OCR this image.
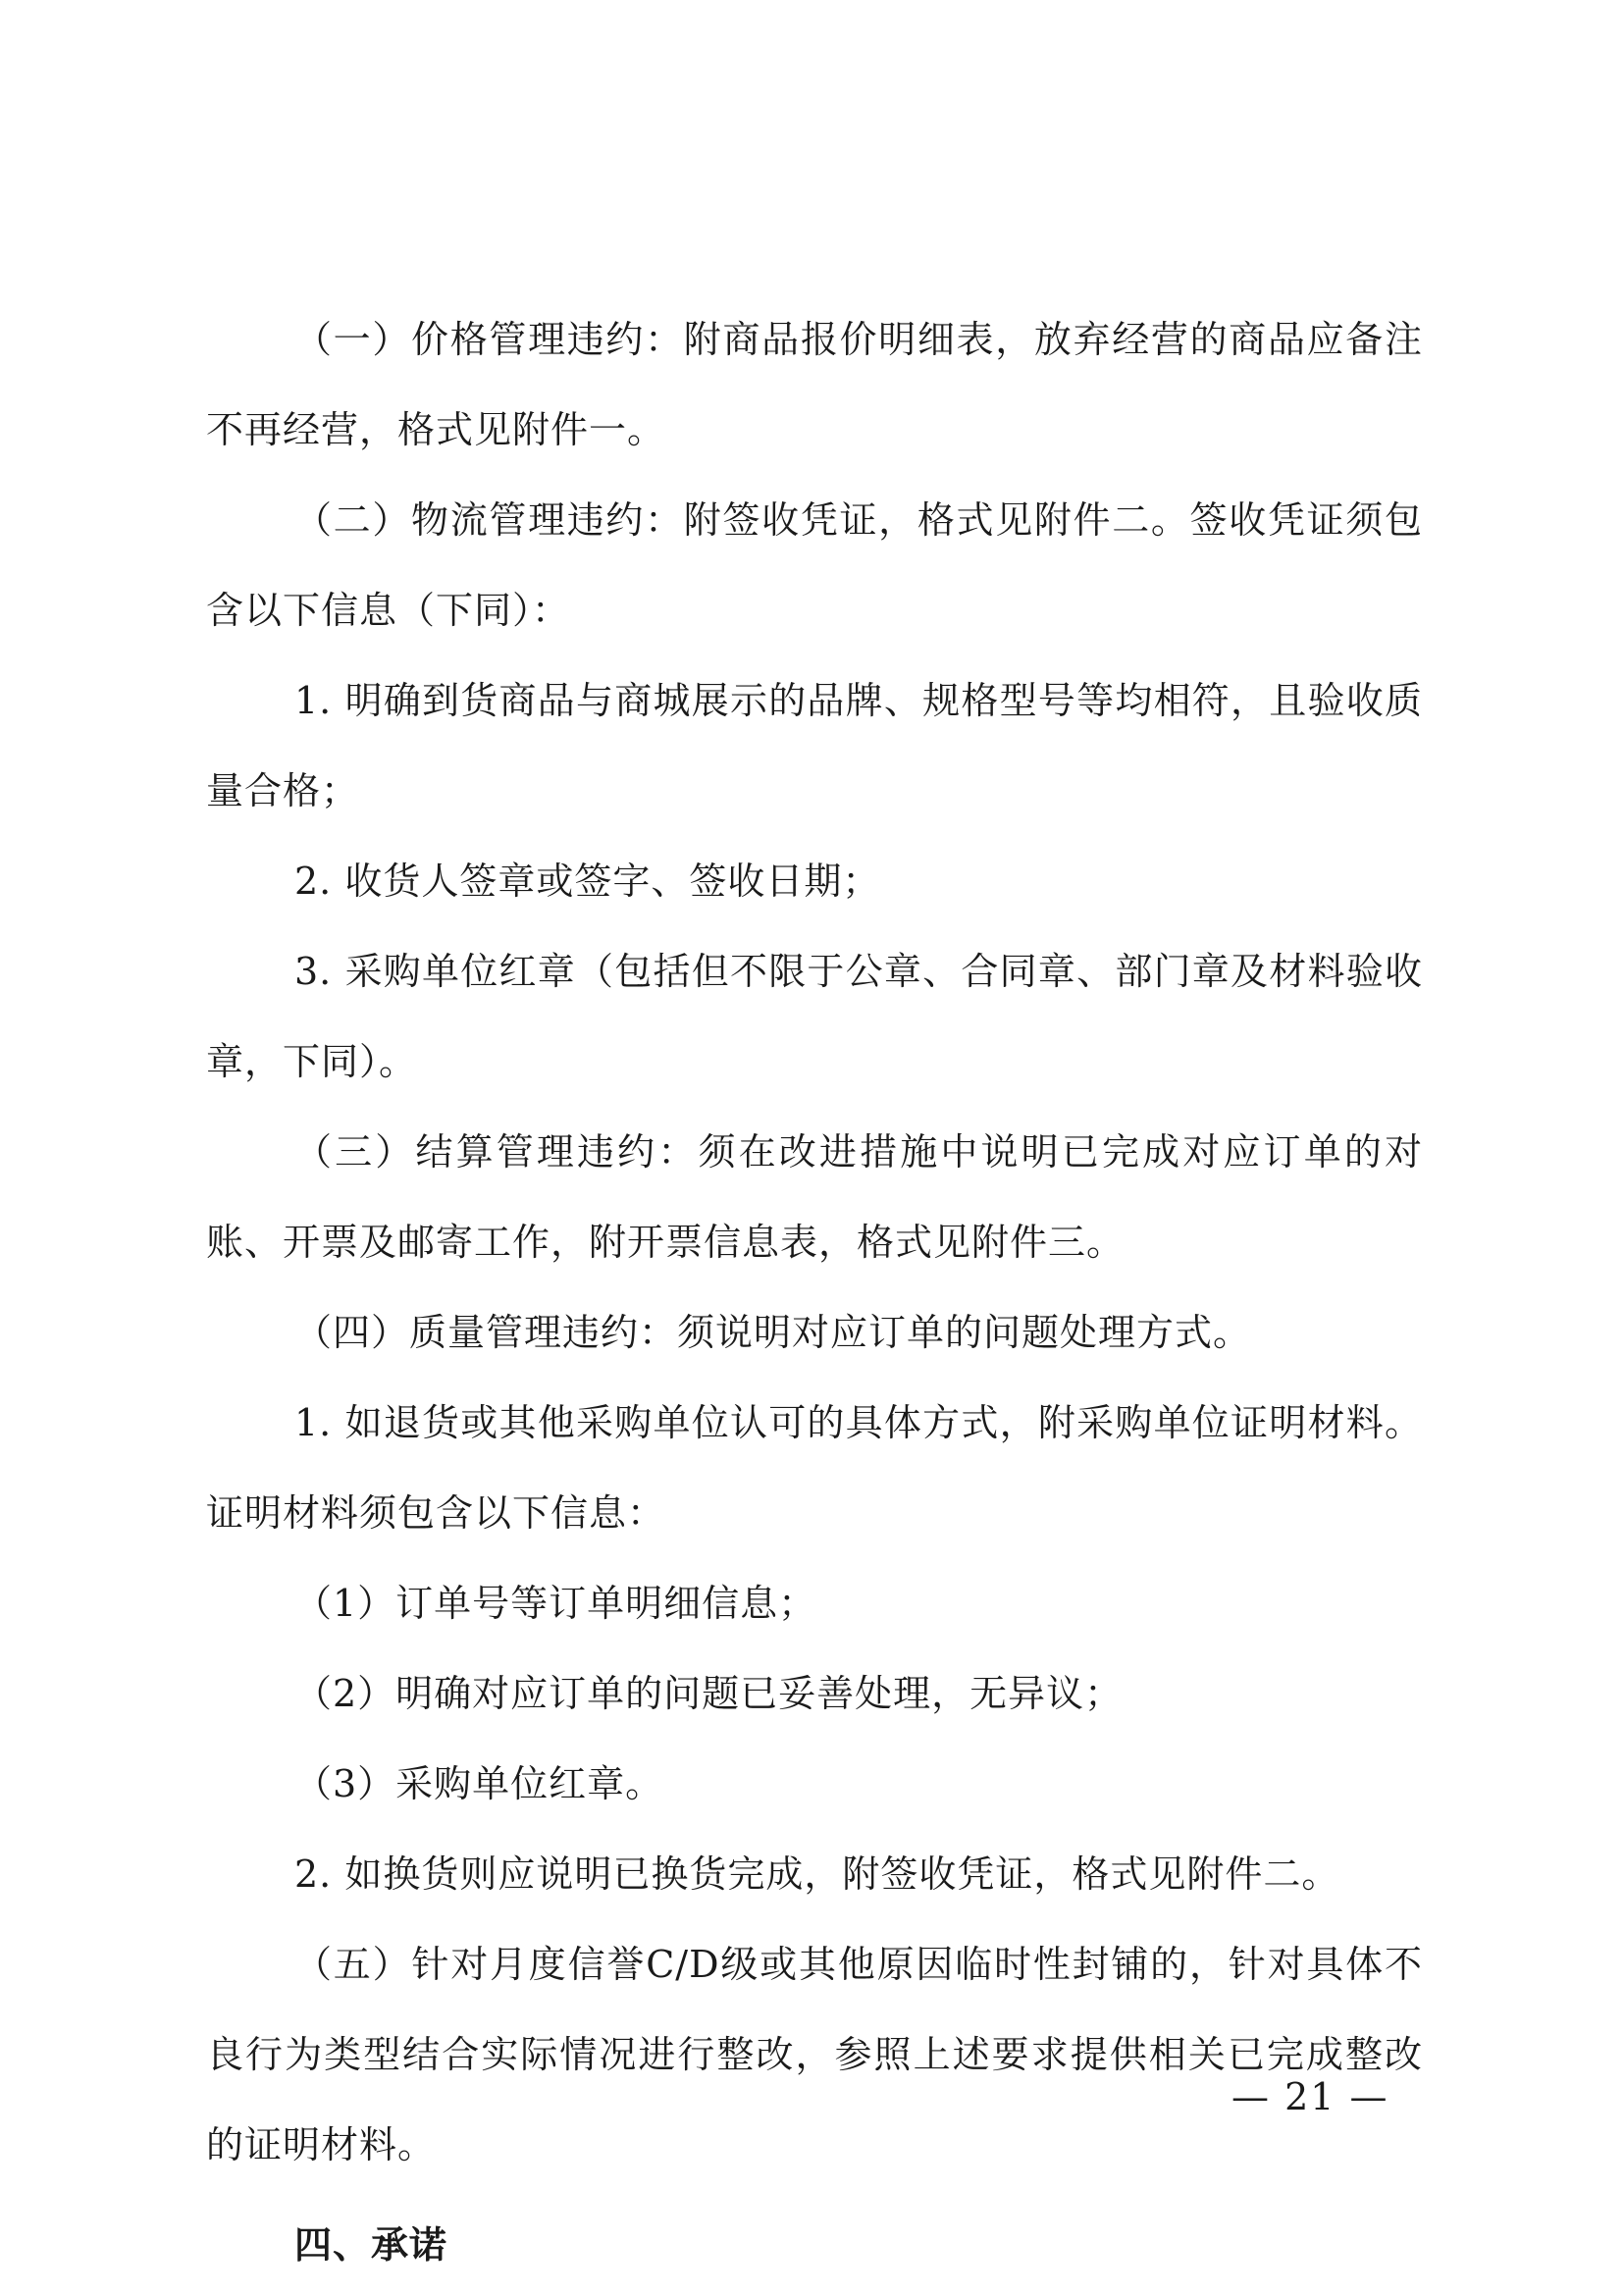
（一）价格管理违约：附商品报价明细表，放弃经营的商品应备注不再经营，格式见附件一。

（二）物流管理违约：附签收凭证，格式见附件二。签收凭证须包含以下信息（下同）：

1. 明确到货商品与商城展示的品牌、规格型号等均相符，且验收质量合格；

2. 收货人签章或签字、签收日期；

3. 采购单位红章（包括但不限于公章、合同章、部门章及材料验收章，下同）。

（三）结算管理违约：须在改进措施中说明已完成对应订单的对账、开票及邮寄工作，附开票信息表，格式见附件三。

（四）质量管理违约：须说明对应订单的问题处理方式。

1. 如退货或其他采购单位认可的具体方式，附采购单位证明材料。证明材料须包含以下信息：

（1）订单号等订单明细信息；

（2）明确对应订单的问题已妥善处理，无异议；

（3）采购单位红章。

2. 如换货则应说明已换货完成，附签收凭证，格式见附件二。

（五）针对月度信誉C/D级或其他原因临时性封铺的，针对具体不良行为类型结合实际情况进行整改，参照上述要求提供相关已完成整改的证明材料。

四、承诺

— 21 —
